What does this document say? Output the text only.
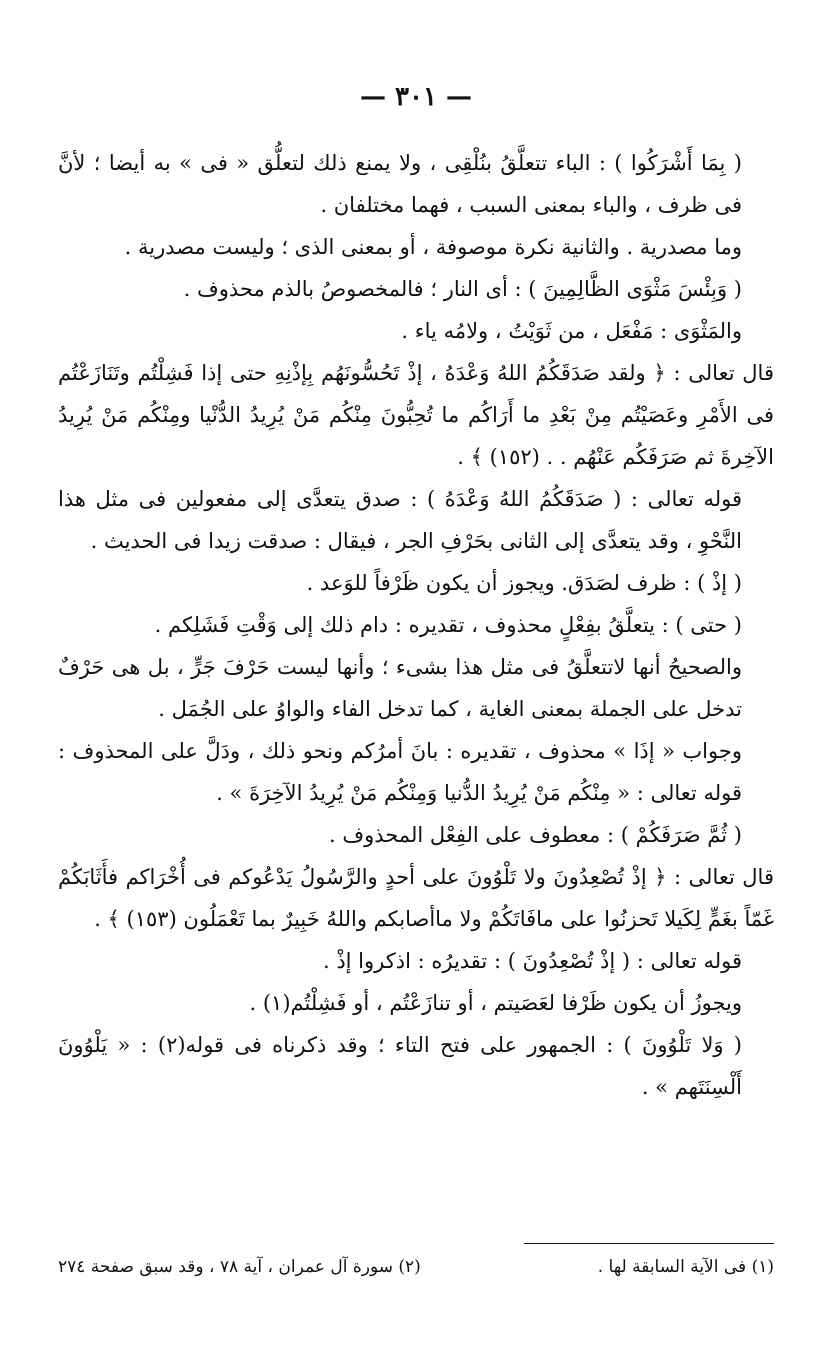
— ٣٠١ —

( بِمَا أَشْرَكُوا ) : الباء تتعلَّقُ بنُلْقِى ، ولا يمنع ذلك لتعلُّق « فى » به أيضا ؛ لأنَّ فى ظرف ، والباء بمعنى السبب ، فهما مختلفان .

وما مصدرية . والثانية نكرة موصوفة ، أو بمعنى الذى ؛ وليست مصدرية .

( وَبِئْسَ مَثْوَى الظَّالِمِينَ ) : أى النار ؛ فالمخصوصُ بالذم محذوف .

والمَثْوَى : مَفْعَل ، من ثَوَيْتُ ، ولامُه ياء .

قال تعالى : ﴿ ولقد صَدَقَكُمُ اللهُ وَعْدَهُ ، إذْ تَحُسُّونَهُم بِإذْنِهِ حتى إذا فَشِلْتُم وتَنَازَعْتُم فى الأَمْرِ وعَصَيْتُم مِنْ بَعْدِ ما أَرَاكُم ما تُحِبُّونَ مِنْكُم مَنْ يُرِيدُ الدُّنْيا ومِنْكُم مَنْ يُرِيدُ الآخِرةَ ثم صَرَفَكُم عَنْهُم . . (١٥٢) ﴾ .

قوله تعالى : ( صَدَقَكُمُ اللهُ وَعْدَهُ ) : صدق يتعدَّى إلى مفعولين فى مثل هذا النَّحْوِ ، وقد يتعدَّى إلى الثانى بحَرْفِ الجر ، فيقال : صدقت زيدا فى الحديث .

( إذْ ) : ظرف لصَدَق. ويجوز أن يكون ظَرْفاً للوَعد .

( حتى ) : يتعلَّقُ بفِعْلٍ محذوف ، تقديره : دام ذلك إلى وَقْتِ فَشَلِكم .

والصحيحُ أنها لاتتعلَّقُ فى مثل هذا بشىء ؛ وأنها ليست حَرْفَ جَرٍّ ، بل هى حَرْفٌ تدخل على الجملة بمعنى الغاية ، كما تدخل الفاء والواوُ على الجُمَل .

وجواب « إذَا » محذوف ، تقديره : بانَ أمرُكم ونحو ذلك ، ودَلَّ على المحذوف : قوله تعالى : « مِنْكُم مَنْ يُرِيدُ الدُّنيا وَمِنْكُم مَنْ يُرِيدُ الآخِرَةَ » .

( ثُمَّ صَرَفَكُمْ ) : معطوف على الفِعْل المحذوف .

قال تعالى : ﴿ إذْ تُصْعِدُونَ ولا تَلْوُونَ على أحدٍ والرَّسُولُ يَدْعُوكم فى أُخْرَاكم فأَثَابَكُمْ غَمّاً بغَمٍّ لِكَيلا تَحزنُوا على مافَاتَكُمْ ولا ماأصابكم واللهُ خَبِيرٌ بما تَعْمَلُون (١٥٣) ﴾ .

قوله تعالى : ( إذْ تُصْعِدُونَ ) : تقديرُه : اذكروا إذْ .

ويجوزُ أن يكون ظَرْفا لعَصَيتم ، أو تنازَعْتُم ، أو فَشِلْتُم(١) .

( وَلا تَلْوُونَ ) : الجمهور على فتح التاء ؛ وقد ذكرناه فى قوله(٢) : « يَلْوُونَ أَلْسِنَتَهم » .

(١) فى الآية السابقة لها .
(٢) سورة آل عمران ، آية ٧٨ ، وقد سبق صفحة ٢٧٤
